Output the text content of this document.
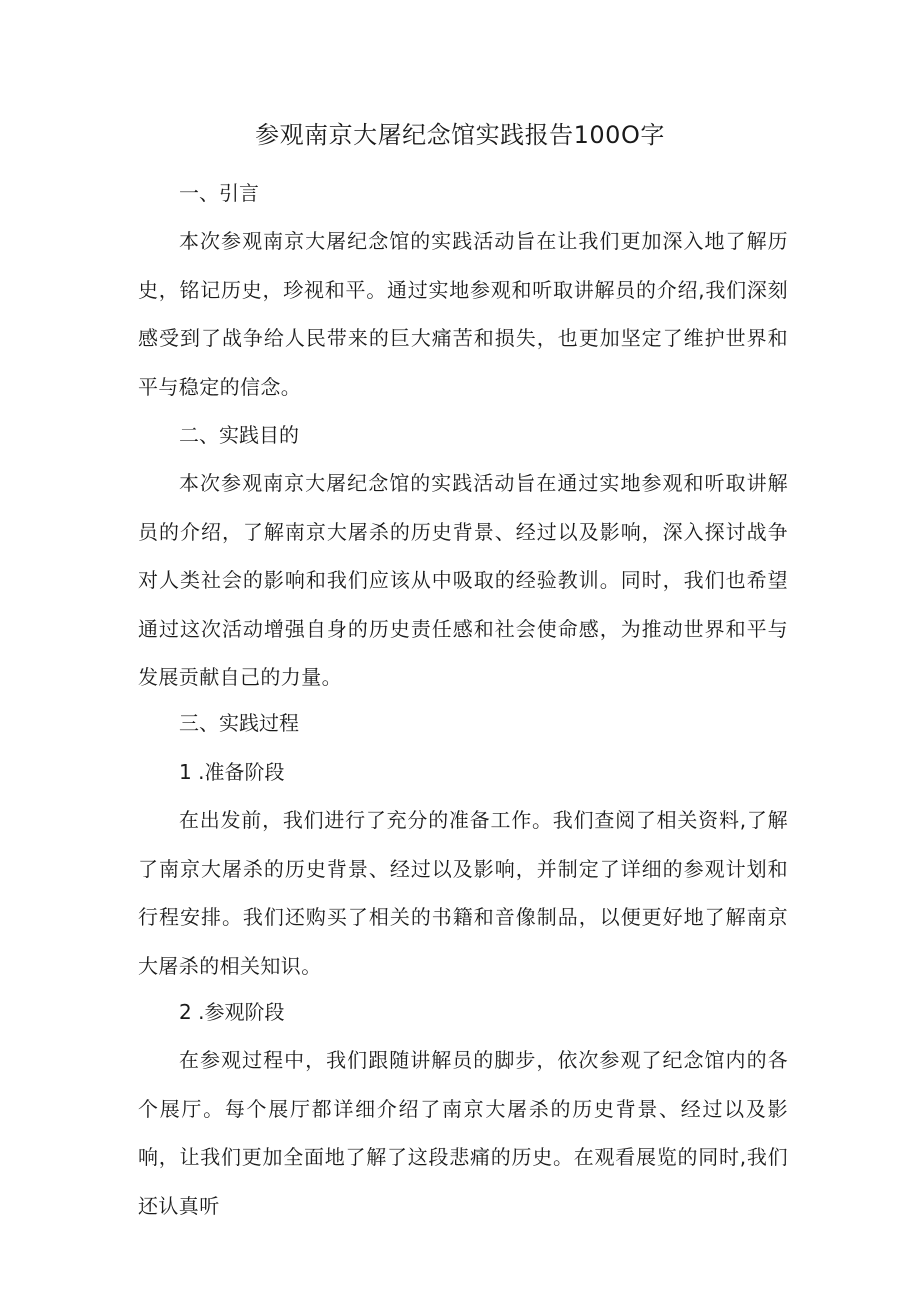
参观南京大屠纪念馆实践报告100O字
一、引言
本次参观南京大屠纪念馆的实践活动旨在让我们更加深入地了解历史，铭记历史，珍视和平。通过实地参观和听取讲解员的介绍,我们深刻感受到了战争给人民带来的巨大痛苦和损失，也更加坚定了维护世界和平与稳定的信念。
二、实践目的
本次参观南京大屠纪念馆的实践活动旨在通过实地参观和听取讲解员的介绍，了解南京大屠杀的历史背景、经过以及影响，深入探讨战争对人类社会的影响和我们应该从中吸取的经验教训。同时，我们也希望通过这次活动增强自身的历史责任感和社会使命感，为推动世界和平与发展贡献自己的力量。
三、实践过程
1 .准备阶段
在出发前，我们进行了充分的准备工作。我们查阅了相关资料,了解了南京大屠杀的历史背景、经过以及影响，并制定了详细的参观计划和行程安排。我们还购买了相关的书籍和音像制品，以便更好地了解南京大屠杀的相关知识。
2 .参观阶段
在参观过程中，我们跟随讲解员的脚步，依次参观了纪念馆内的各个展厅。每个展厅都详细介绍了南京大屠杀的历史背景、经过以及影响，让我们更加全面地了解了这段悲痛的历史。在观看展览的同时,我们还认真听
